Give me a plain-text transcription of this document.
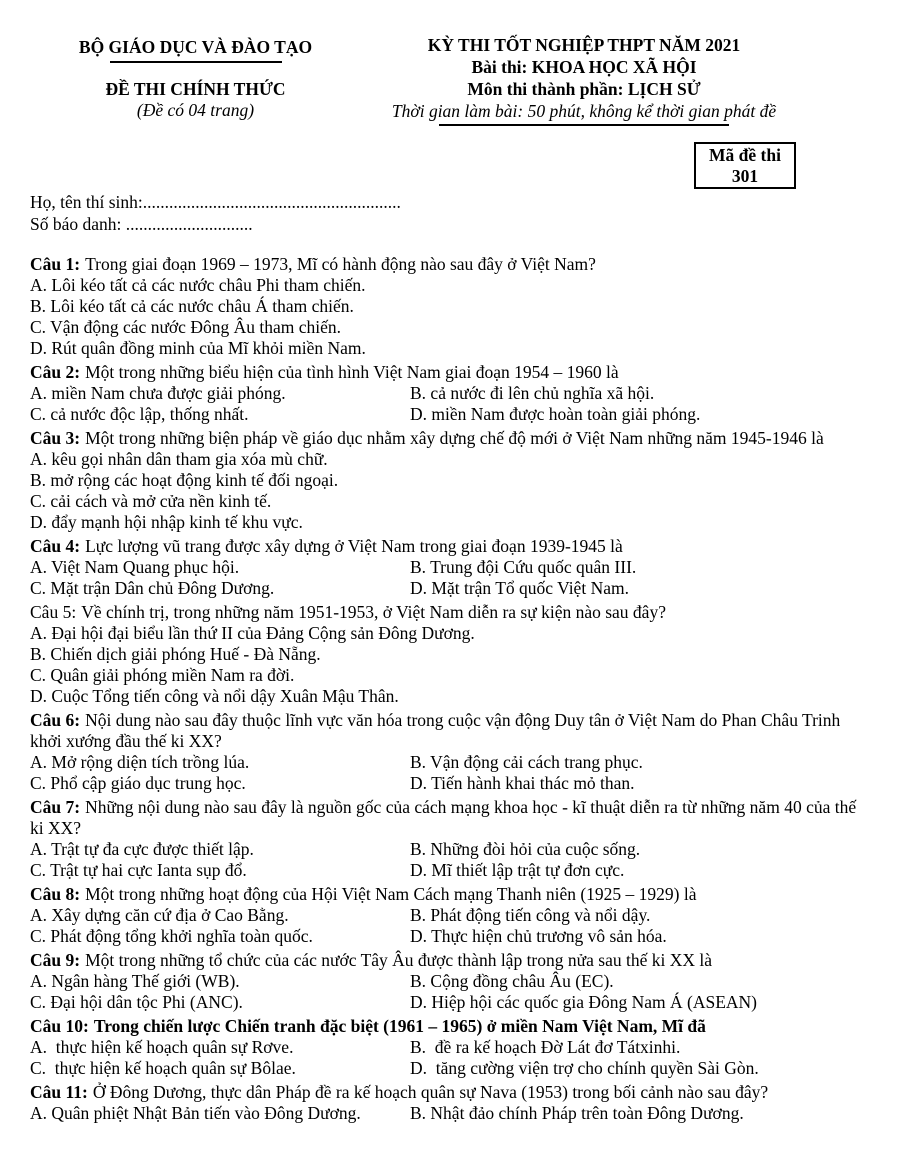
BỘ GIÁO DỤC VÀ ĐÀO TẠO
ĐỀ THI CHÍNH THỨC
(Đề có 04 trang)
KỲ THI TỐT NGHIỆP THPT NĂM 2021
Bài thi: KHOA HỌC XÃ HỘI
Môn thi thành phần: LỊCH SỬ
Thời gian làm bài: 50 phút, không kể thời gian phát đề
Mã đề thi
301
Họ, tên thí sinh:...........................................................
Số báo danh: .............................

Câu 1: Trong giai đoạn 1969 – 1973, Mĩ có hành động nào sau đây ở Việt Nam?

A. Lôi kéo tất cả các nước châu Phi tham chiến.
B. Lôi kéo tất cả các nước châu Á tham chiến.
C. Vận động các nước Đông Âu tham chiến.
D. Rút quân đồng minh của Mĩ khỏi miền Nam.

Câu 2: Một trong những biểu hiện của tình hình Việt Nam giai đoạn 1954 – 1960 là

A. miền Nam chưa được giải phóng.	B. cả nước đi lên chủ nghĩa xã hội.
C. cả nước độc lập, thống nhất.	D. miền Nam được hoàn toàn giải phóng.

Câu 3: Một trong những biện pháp về giáo dục nhằm xây dựng chế độ mới ở Việt Nam những năm 1945-1946 là

A. kêu gọi nhân dân tham gia xóa mù chữ.
B. mở rộng các hoạt động kinh tế đối ngoại.
C. cải cách và mở cửa nền kinh tế.
D. đẩy mạnh hội nhập kinh tế khu vực.

Câu 4: Lực lượng vũ trang được xây dựng ở Việt Nam trong giai đoạn 1939-1945 là

A. Việt Nam Quang phục hội.	B. Trung đội Cứu quốc quân III.
C. Mặt trận Dân chủ Đông Dương.	D. Mặt trận Tổ quốc Việt Nam.

Câu 5: Về chính trị, trong những năm 1951-1953, ở Việt Nam diễn ra sự kiện nào sau đây?

A. Đại hội đại biểu lần thứ II của Đảng Cộng sản Đông Dương.
B. Chiến dịch giải phóng Huế - Đà Nẵng.
C. Quân giải phóng miền Nam ra đời.
D. Cuộc Tổng tiến công và nổi dậy Xuân Mậu Thân.

Câu 6: Nội dung nào sau đây thuộc lĩnh vực văn hóa trong cuộc vận động Duy tân ở Việt Nam do Phan Châu Trinh khởi xướng đầu thế ki XX?

A. Mở rộng diện tích trồng lúa.	B. Vận động cải cách trang phục.
C. Phổ cập giáo dục trung học.	D. Tiến hành khai thác mỏ than.

Câu 7: Những nội dung nào sau đây là nguồn gốc của cách mạng khoa học - kĩ thuật diễn ra từ những năm 40 của thế ki XX?

A. Trật tự đa cực được thiết lập.	B. Những đòi hỏi của cuộc sống.
C. Trật tự hai cực Ianta sụp đổ.	D. Mĩ thiết lập trật tự đơn cực.

Câu 8: Một trong những hoạt động của Hội Việt Nam Cách mạng Thanh niên (1925 – 1929) là

A. Xây dựng căn cứ địa ở Cao Bằng.	B. Phát động tiến công và nổi dậy.
C. Phát động tổng khởi nghĩa toàn quốc.	D. Thực hiện chủ trương vô sản hóa.

Câu 9: Một trong những tổ chức của các nước Tây Âu được thành lập trong nửa sau thế ki XX là

A. Ngân hàng Thế giới (WB).	B. Cộng đồng châu Âu (EC).
C. Đại hội dân tộc Phi (ANC).	D. Hiệp hội các quốc gia Đông Nam Á (ASEAN)

Câu 10: Trong chiến lược Chiến tranh đặc biệt (1961 – 1965) ở miền Nam Việt Nam, Mĩ đã

A.  thực hiện kế hoạch quân sự Rơve.	B.  đề ra kế hoạch Đờ Lát đơ Tátxinhi.
C.  thực hiện kế hoạch quân sự Bôlae.	D.  tăng cường viện trợ cho chính quyền Sài Gòn.

Câu 11: Ở Đông Dương, thực dân Pháp đề ra kế hoạch quân sự Nava (1953) trong bối cảnh nào sau đây?

A. Quân phiệt Nhật Bản tiến vào Đông Dương.	B. Nhật đảo chính Pháp trên toàn Đông Dương.
